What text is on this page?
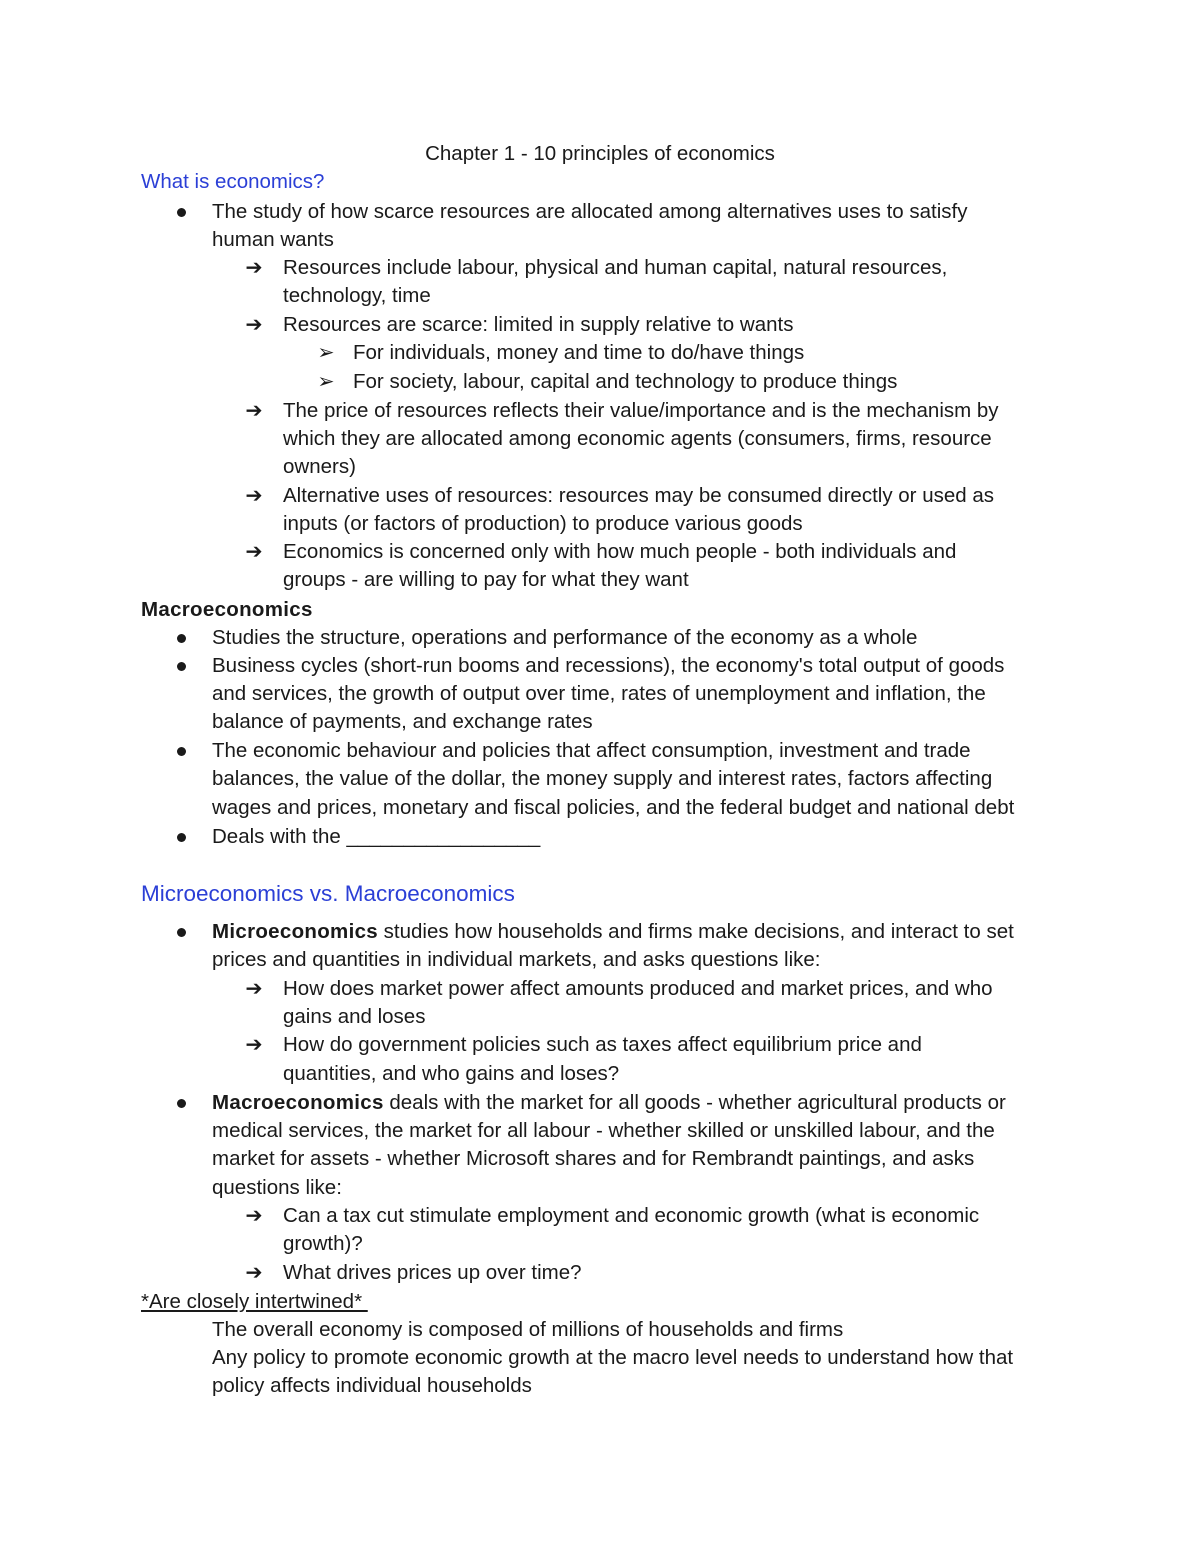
Chapter 1 - 10 principles of economics
What is economics?
The study of how scarce resources are allocated among alternatives uses to satisfy
human wants
➔ Resources include labour, physical and human capital, natural resources,
technology, time
➔ Resources are scarce: limited in supply relative to wants
➢ For individuals, money and time to do/have things
➢ For society, labour, capital and technology to produce things
➔ The price of resources reflects their value/importance and is the mechanism by
which they are allocated among economic agents (consumers, firms, resource
owners)
➔ Alternative uses of resources: resources may be consumed directly or used as
inputs (or factors of production) to produce various goods
➔ Economics is concerned only with how much people - both individuals and
groups - are willing to pay for what they want
Macroeconomics
Studies the structure, operations and performance of the economy as a whole
Business cycles (short-run booms and recessions), the economy's total output of goods
and services, the growth of output over time, rates of unemployment and inflation, the
balance of payments, and exchange rates
The economic behaviour and policies that affect consumption, investment and trade
balances, the value of the dollar, the money supply and interest rates, factors affecting
wages and prices, monetary and fiscal policies, and the federal budget and national debt
Deals with the _________________
Microeconomics vs. Macroeconomics
Microeconomics studies how households and firms make decisions, and interact to set
prices and quantities in individual markets, and asks questions like:
➔ How does market power affect amounts produced and market prices, and who
gains and loses
➔ How do government policies such as taxes affect equilibrium price and
quantities, and who gains and loses?
Macroeconomics deals with the market for all goods - whether agricultural products or
medical services, the market for all labour - whether skilled or unskilled labour, and the
market for assets - whether Microsoft shares and for Rembrandt paintings, and asks
questions like:
➔ Can a tax cut stimulate employment and economic growth (what is economic
growth)?
➔ What drives prices up over time?
*Are closely intertwined*
The overall economy is composed of millions of households and firms
Any policy to promote economic growth at the macro level needs to understand how that
policy affects individual households
